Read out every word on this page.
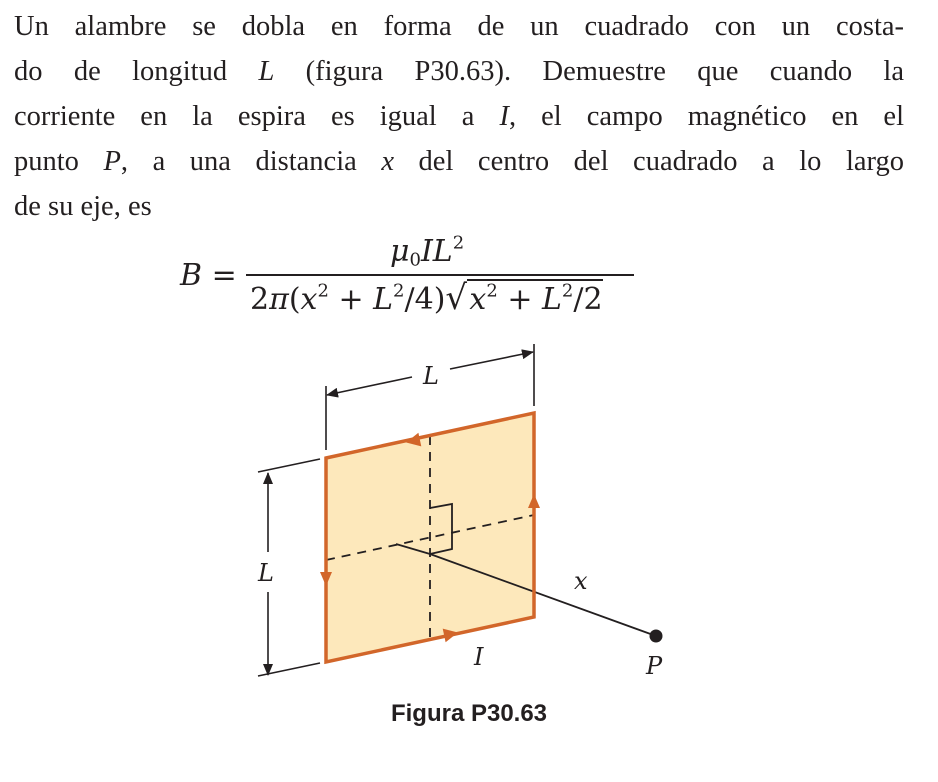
Un alambre se dobla en forma de un cuadrado con un costa-
do de longitud L (figura P30.63). Demuestre que cuando la
corriente en la espira es igual a I, el campo magnético en el
punto P, a una distancia x del centro del cuadrado a lo largo
de su eje, es
B =
$\mu_0IL^2$
$2\pi(x^2 + L^2/4)$ √ $x^2 + L^2/2$
L
L
I
x
P
Figura P30.63
